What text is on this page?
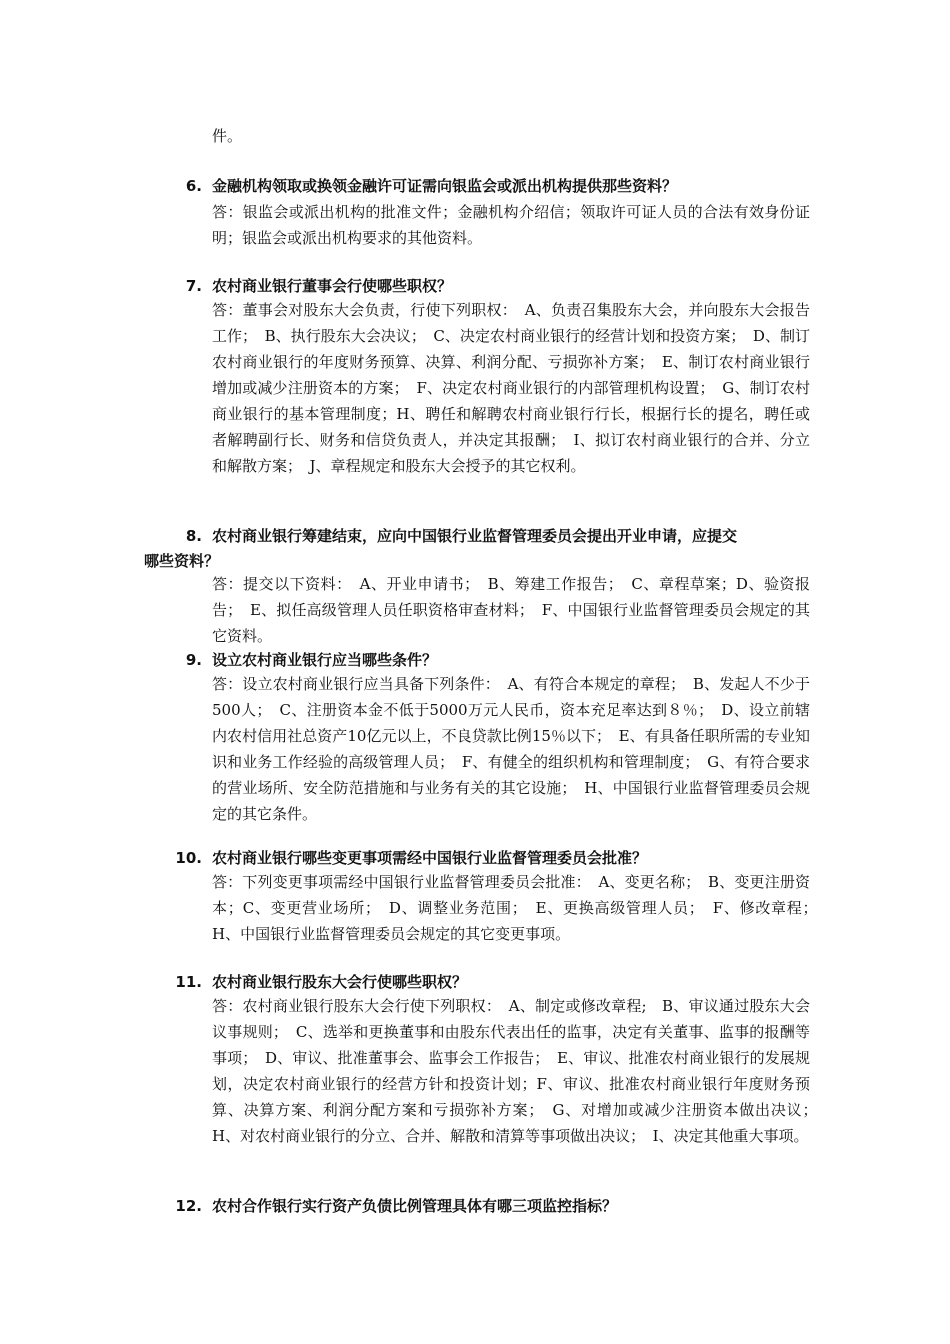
件。
6. 金融机构领取或换领金融许可证需向银监会或派出机构提供那些资料？
答：银监会或派出机构的批准文件；金融机构介绍信；领取许可证人员的合法有效身份证 明；银监会或派出机构要求的其他资料。
7. 农村商业银行董事会行使哪些职权？
答：董事会对股东大会负责，行使下列职权：　A、负责召集股东大会，并向股东大会报告工作；　B、执行股东大会决议；　C、决定农村商业银行的经营计划和投资方案；　D、制订农村商业银行的年度财务预算、决算、利润分配、亏损弥补方案；　E、制订农村商业银行增加或减少注册资本的方案；　F、决定农村商业银行的内部管理机构设置；　G、制订农村商业银行的基本管理制度；H、聘任和解聘农村商业银行行长，根据行长的提名，聘任或者解聘副行长、财务和信贷负责人，并决定其报酬；　I、拟订农村商业银行的合并、分立和解散方案；　J、章程规定和股东大会授予的其它权利。
8. 农村商业银行筹建结束，应向中国银行业监督管理委员会提出开业申请，应提交
哪些资料？
答：提交以下资料：　A、开业申请书；　B、筹建工作报告；　C、章程草案；D、验资报告；　E、拟任高级管理人员任职资格审查材料；　F、中国银行业监督管理委员会规定的其它资料。
9. 设立农村商业银行应当哪些条件？
答：设立农村商业银行应当具备下列条件：　A、有符合本规定的章程；　B、发起人不少于500人；　C、注册资本金不低于5000万元人民币，资本充足率达到８％；　D、设立前辖内农村信用社总资产10亿元以上，不良贷款比例15％以下；　E、有具备任职所需的专业知识和业务工作经验的高级管理人员；　F、有健全的组织机构和管理制度；　G、有符合要求的营业场所、安全防范措施和与业务有关的其它设施；　H、中国银行业监督管理委员会规定的其它条件。
10. 农村商业银行哪些变更事项需经中国银行业监督管理委员会批准？
答：下列变更事项需经中国银行业监督管理委员会批准：　A、变更名称；　B、变更注册资本；C、变更营业场所；　D、调整业务范围；　E、更换高级管理人员；　F、修改章程；　H、中国银行业监督管理委员会规定的其它变更事项。
11. 农村商业银行股东大会行使哪些职权？
答：农村商业银行股东大会行使下列职权：　A、制定或修改章程;　B、审议通过股东大会议事规则；　C、选举和更换董事和由股东代表出任的监事，决定有关董事、监事的报酬等事项；　D、审议、批准董事会、监事会工作报告；　E、审议、批准农村商业银行的发展规划，决定农村商业银行的经营方针和投资计划；F、审议、批准农村商业银行年度财务预算、决算方案、利润分配方案和亏损弥补方案；　G、对增加或减少注册资本做出决议；　H、对农村商业银行的分立、合并、解散和清算等事项做出决议；　I、决定其他重大事项。
12. 农村合作银行实行资产负债比例管理具体有哪三项监控指标？
